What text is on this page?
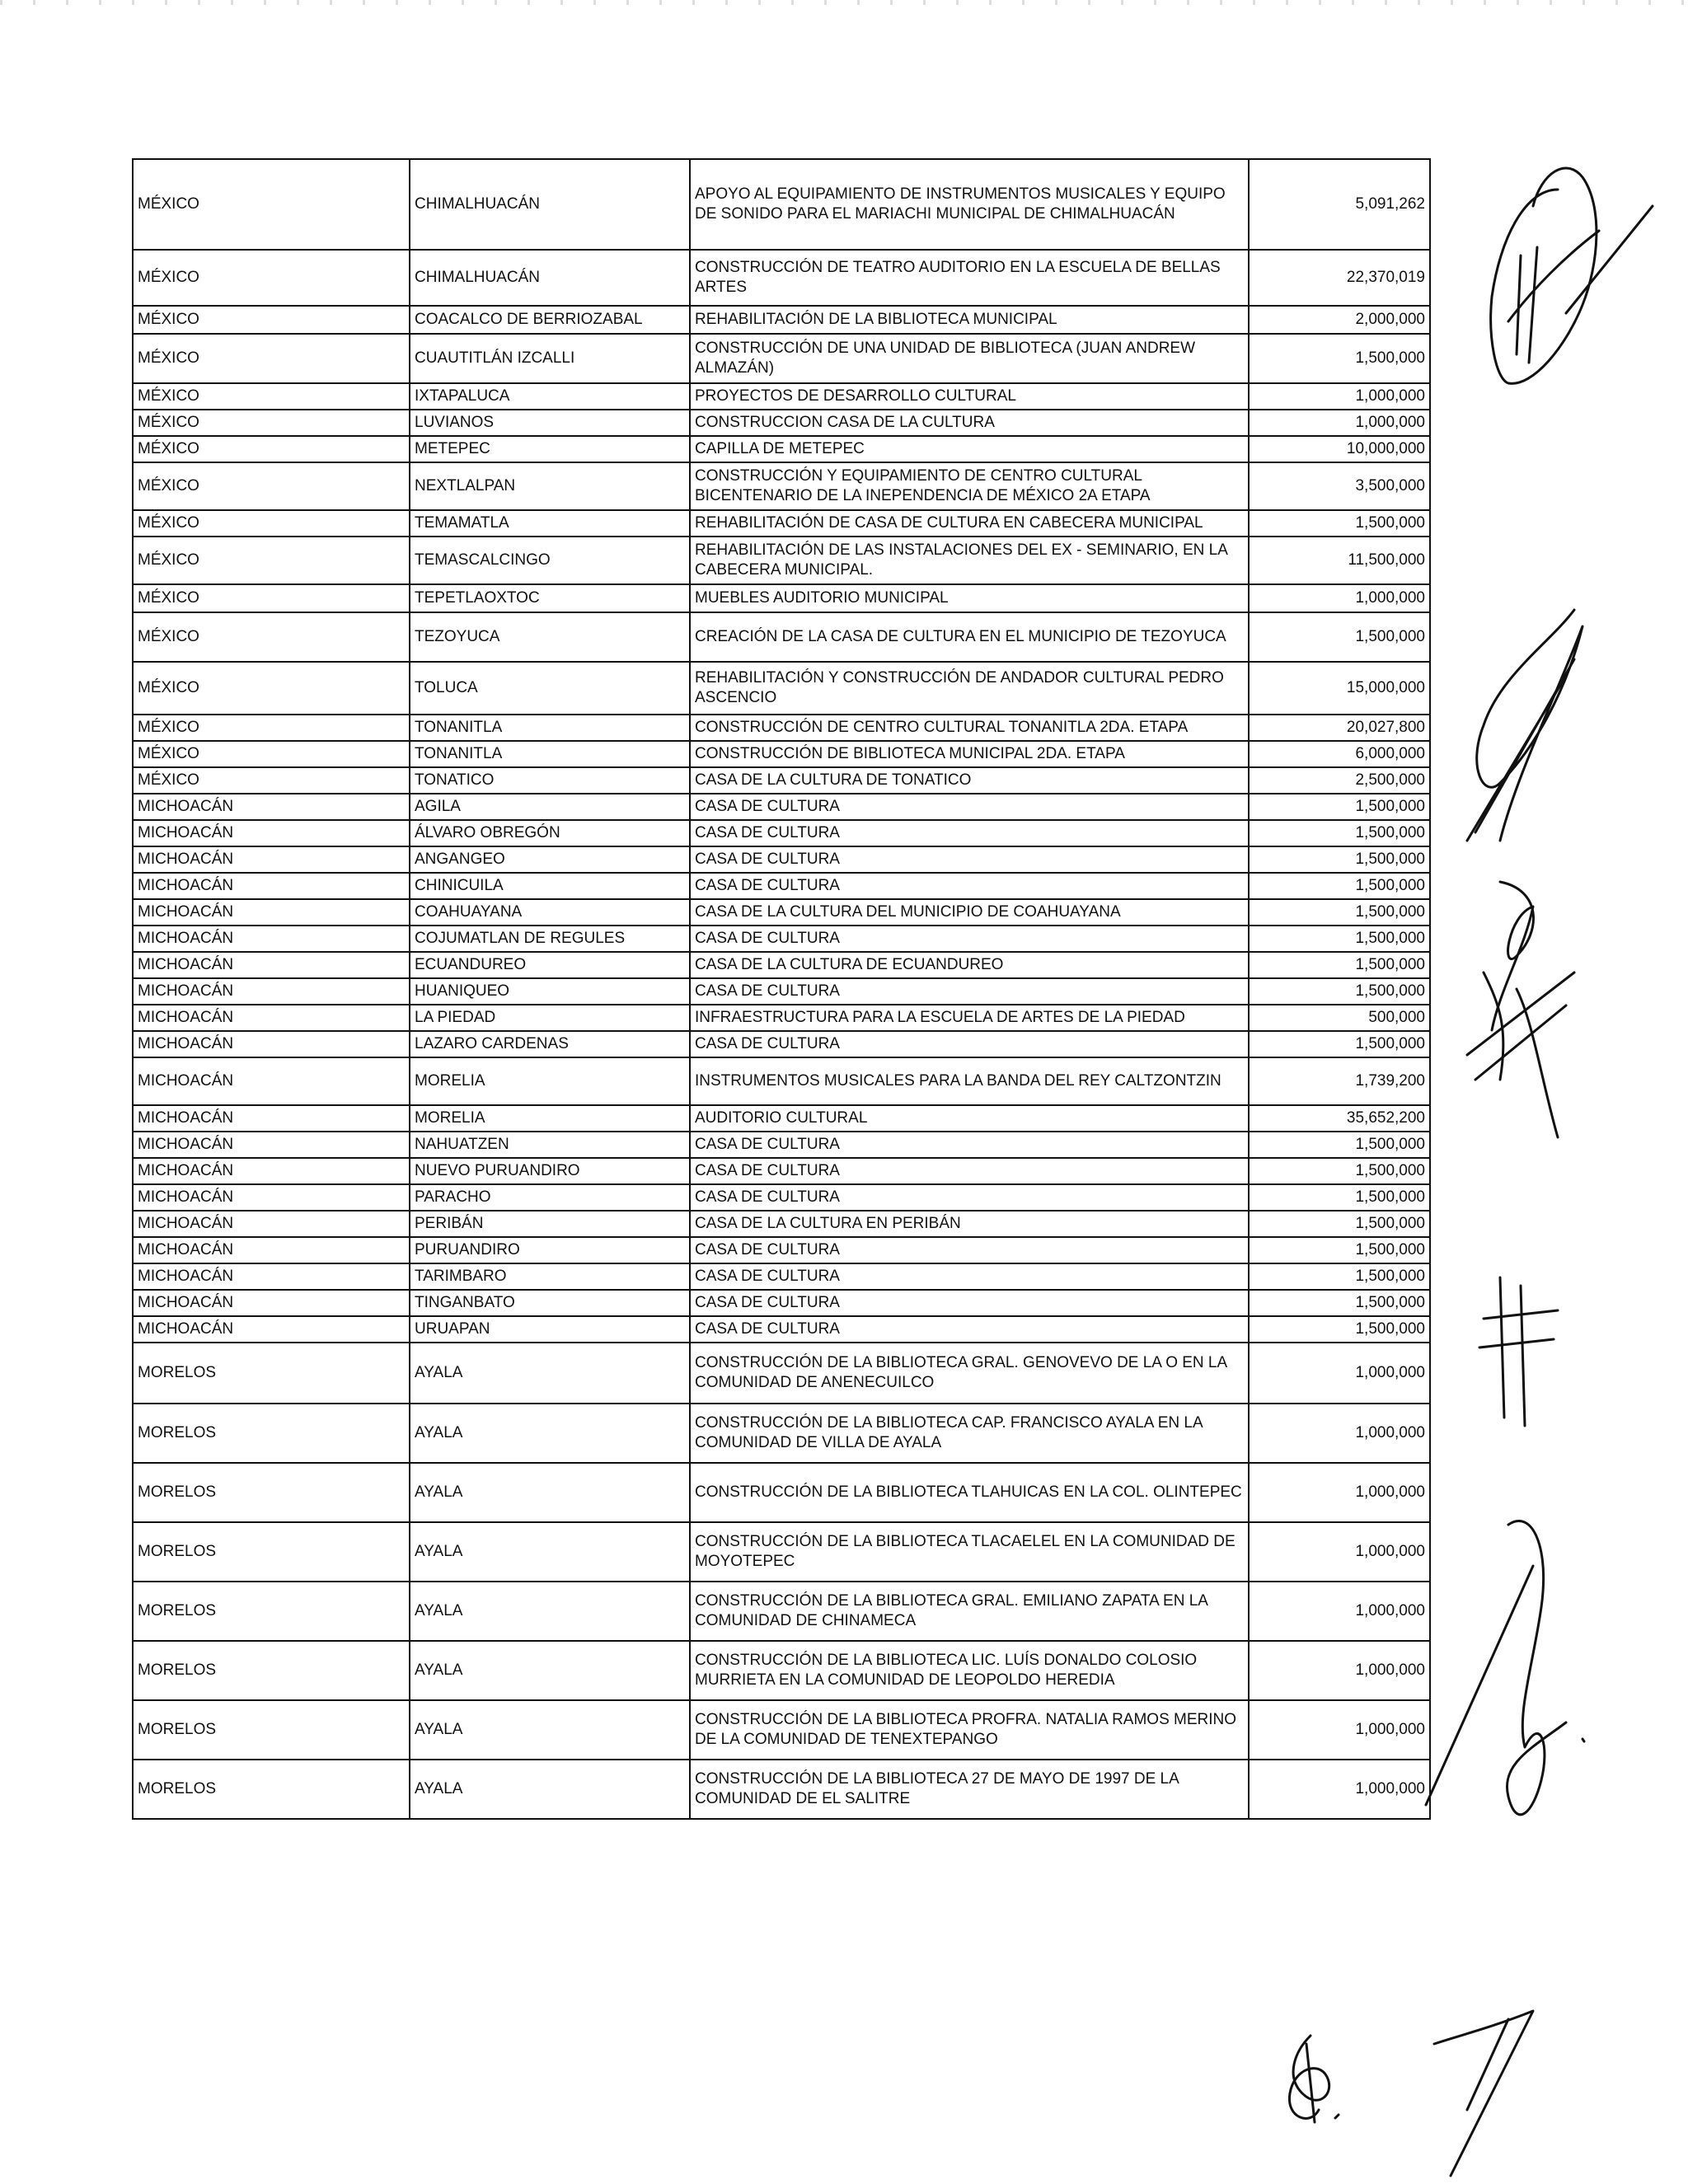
MÉXICO	CHIMALHUACÁN	APOYO AL EQUIPAMIENTO DE INSTRUMENTOS MUSICALES Y EQUIPO DE SONIDO PARA EL MARIACHI MUNICIPAL DE CHIMALHUACÁN	5,091,262
MÉXICO	CHIMALHUACÁN	CONSTRUCCIÓN DE TEATRO AUDITORIO EN LA ESCUELA DE BELLAS ARTES	22,370,019
MÉXICO	COACALCO DE BERRIOZABAL	REHABILITACIÓN DE LA BIBLIOTECA MUNICIPAL	2,000,000
MÉXICO	CUAUTITLÁN IZCALLI	CONSTRUCCIÓN DE UNA UNIDAD DE BIBLIOTECA (JUAN ANDREW ALMAZÁN)	1,500,000
MÉXICO	IXTAPALUCA	PROYECTOS DE DESARROLLO CULTURAL	1,000,000
MÉXICO	LUVIANOS	CONSTRUCCION CASA DE LA CULTURA	1,000,000
MÉXICO	METEPEC	CAPILLA DE METEPEC	10,000,000
MÉXICO	NEXTLALPAN	CONSTRUCCIÓN Y EQUIPAMIENTO DE CENTRO CULTURAL BICENTENARIO DE LA INEPENDENCIA DE MÉXICO 2A ETAPA	3,500,000
MÉXICO	TEMAMATLA	REHABILITACIÓN DE CASA DE CULTURA EN CABECERA MUNICIPAL	1,500,000
MÉXICO	TEMASCALCINGO	REHABILITACIÓN DE LAS INSTALACIONES DEL EX - SEMINARIO, EN LA CABECERA MUNICIPAL.	11,500,000
MÉXICO	TEPETLAOXTOC	MUEBLES AUDITORIO MUNICIPAL	1,000,000
MÉXICO	TEZOYUCA	CREACIÓN DE LA CASA DE CULTURA EN EL MUNICIPIO DE TEZOYUCA	1,500,000
MÉXICO	TOLUCA	REHABILITACIÓN Y CONSTRUCCIÓN DE ANDADOR CULTURAL PEDRO ASCENCIO	15,000,000
MÉXICO	TONANITLA	CONSTRUCCIÓN DE CENTRO CULTURAL TONANITLA 2DA. ETAPA	20,027,800
MÉXICO	TONANITLA	CONSTRUCCIÓN DE BIBLIOTECA MUNICIPAL 2DA. ETAPA	6,000,000
MÉXICO	TONATICO	CASA DE LA CULTURA DE TONATICO	2,500,000
MICHOACÁN	AGILA	CASA DE CULTURA	1,500,000
MICHOACÁN	ÁLVARO OBREGÓN	CASA DE CULTURA	1,500,000
MICHOACÁN	ANGANGEO	CASA DE CULTURA	1,500,000
MICHOACÁN	CHINICUILA	CASA DE CULTURA	1,500,000
MICHOACÁN	COAHUAYANA	CASA DE LA CULTURA DEL MUNICIPIO DE COAHUAYANA	1,500,000
MICHOACÁN	COJUMATLAN DE REGULES	CASA DE CULTURA	1,500,000
MICHOACÁN	ECUANDUREO	CASA DE LA CULTURA DE ECUANDUREO	1,500,000
MICHOACÁN	HUANIQUEO	CASA DE CULTURA	1,500,000
MICHOACÁN	LA PIEDAD	INFRAESTRUCTURA PARA LA ESCUELA DE ARTES DE LA PIEDAD	500,000
MICHOACÁN	LAZARO CARDENAS	CASA DE CULTURA	1,500,000
MICHOACÁN	MORELIA	INSTRUMENTOS MUSICALES PARA LA BANDA DEL REY CALTZONTZIN	1,739,200
MICHOACÁN	MORELIA	AUDITORIO CULTURAL	35,652,200
MICHOACÁN	NAHUATZEN	CASA DE CULTURA	1,500,000
MICHOACÁN	NUEVO PURUANDIRO	CASA DE CULTURA	1,500,000
MICHOACÁN	PARACHO	CASA DE CULTURA	1,500,000
MICHOACÁN	PERIBÁN	CASA DE LA CULTURA EN PERIBÁN	1,500,000
MICHOACÁN	PURUANDIRO	CASA DE CULTURA	1,500,000
MICHOACÁN	TARIMBARO	CASA DE CULTURA	1,500,000
MICHOACÁN	TINGANBATO	CASA DE CULTURA	1,500,000
MICHOACÁN	URUAPAN	CASA DE CULTURA	1,500,000
MORELOS	AYALA	CONSTRUCCIÓN DE LA BIBLIOTECA GRAL. GENOVEVO DE LA O EN LA COMUNIDAD DE ANENECUILCO	1,000,000
MORELOS	AYALA	CONSTRUCCIÓN DE LA BIBLIOTECA CAP. FRANCISCO AYALA EN LA COMUNIDAD DE VILLA DE AYALA	1,000,000
MORELOS	AYALA	CONSTRUCCIÓN DE LA BIBLIOTECA TLAHUICAS EN LA COL. OLINTEPEC	1,000,000
MORELOS	AYALA	CONSTRUCCIÓN DE LA BIBLIOTECA TLACAELEL EN LA COMUNIDAD DE MOYOTEPEC	1,000,000
MORELOS	AYALA	CONSTRUCCIÓN DE LA BIBLIOTECA GRAL. EMILIANO ZAPATA EN LA COMUNIDAD DE CHINAMECA	1,000,000
MORELOS	AYALA	CONSTRUCCIÓN DE LA BIBLIOTECA LIC. LUÍS DONALDO COLOSIO MURRIETA EN LA COMUNIDAD DE LEOPOLDO HEREDIA	1,000,000
MORELOS	AYALA	CONSTRUCCIÓN DE LA BIBLIOTECA PROFRA. NATALIA RAMOS MERINO DE LA COMUNIDAD DE TENEXTEPANGO	1,000,000
MORELOS	AYALA	CONSTRUCCIÓN DE LA BIBLIOTECA 27 DE MAYO DE 1997 DE LA COMUNIDAD DE EL SALITRE	1,000,000
